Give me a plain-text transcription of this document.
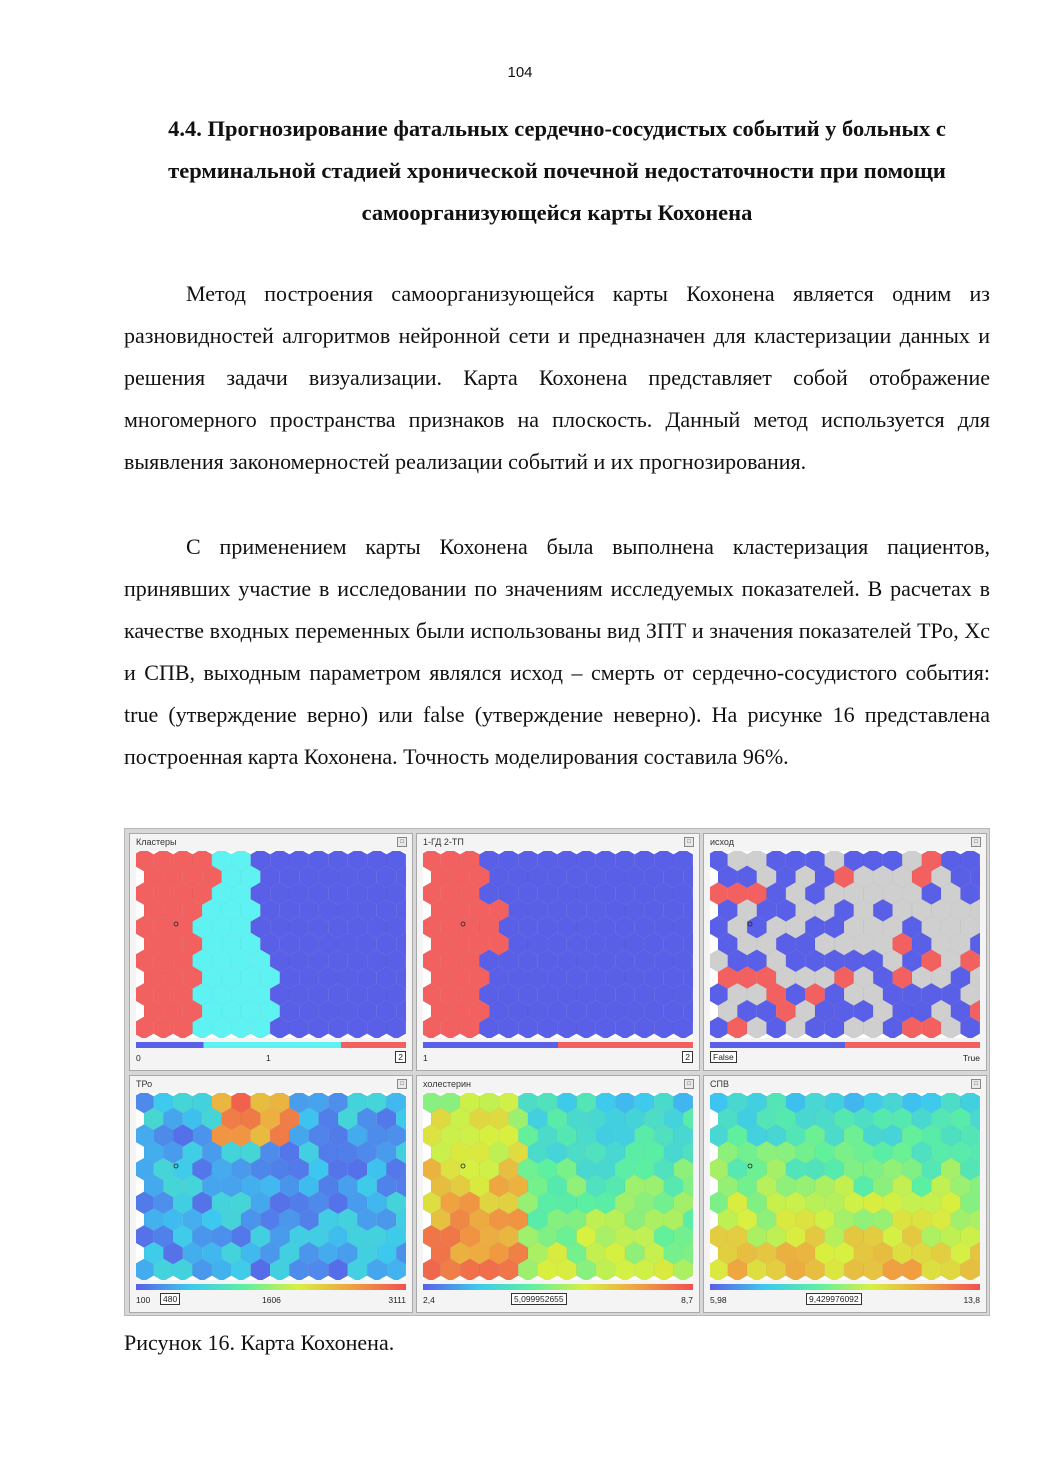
104
4.4. Прогнозирование фатальных сердечно-сосудистых событий у больных с терминальной стадией хронической почечной недостаточности при помощи самоорганизующейся карты Кохонена

Метод построения самоорганизующейся карты Кохонена является одним из разновидностей алгоритмов нейронной сети и предназначен для кластеризации данных и решения задачи визуализации. Карта Кохонена представляет собой отображение многомерного пространства признаков на плоскость. Данный метод используется для выявления закономерностей реализации событий и их прогнозирования.

С применением карты Кохонена была выполнена кластеризация пациентов, принявших участие в исследовании по значениям исследуемых показателей. В расчетах в качестве входных переменных были использованы вид ЗПТ и значения показателей ТРо, Хс и СПВ, выходным параметром являлся исход – смерть от сердечно-сосудистого события: true (утверждение верно) или false (утверждение неверно). На рисунке 16 представлена построенная карта Кохонена. Точность моделирования составила 96%.

Кластеры	□
0	1	2
1-ГД 2-ТП	□
1	2
исход	□
False	True
ТРо	□
100	480	1606	3111
холестерин	□
2,4	5,099952655	8,7
СПВ	□
5,98	9,429976092	13,8

Рисунок 16. Карта Кохонена.
